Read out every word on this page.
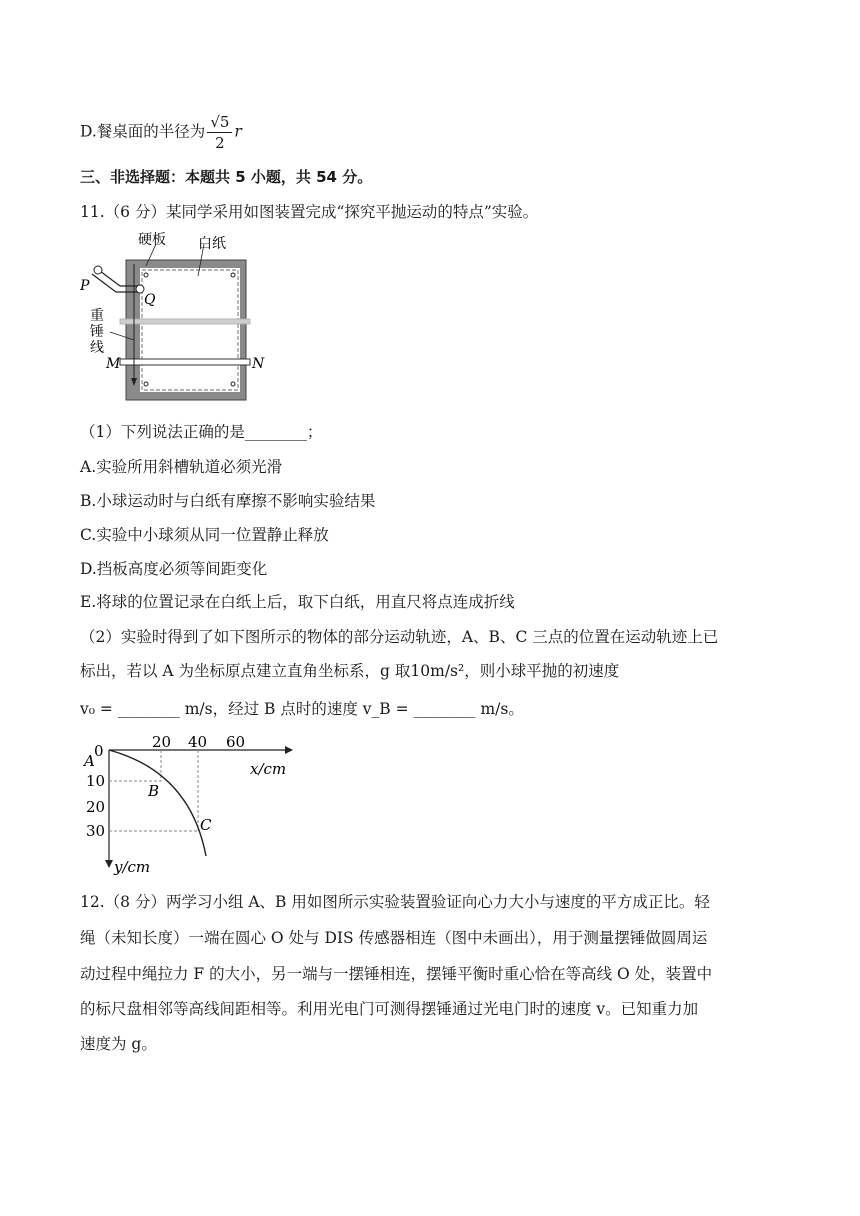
D.餐桌面的半径为 $\frac{√5}{2}$ r
三、非选择题：本题共 5 小题，共 54 分。
11.（6 分）某同学采用如图装置完成“探究平抛运动的特点”实验。
硬板 白纸
P
Q
重
锤
线
M	N
（1）下列说法正确的是________；
A.实验所用斜槽轨道必须光滑
B.小球运动时与白纸有摩擦不影响实验结果
C.实验中小球须从同一位置静止释放
D.挡板高度必须等间距变化
E.将球的位置记录在白纸上后，取下白纸，用直尺将点连成折线
（2）实验时得到了如下图所示的物体的部分运动轨迹，A、B、C 三点的位置在运动轨迹上已
标出，若以 A 为坐标原点建立直角坐标系，g 取10m/s²，则小球平抛的初速度
v₀ = ________ m/s，经过 B 点时的速度 v_B = ________ m/s。
0	20 40 60
10
20
30
x/cm
y/cm
A
B
C
12.（8 分）两学习小组 A、B 用如图所示实验装置验证向心力大小与速度的平方成正比。轻
绳（未知长度）一端在圆心 O 处与 DIS 传感器相连（图中未画出），用于测量摆锤做圆周运
动过程中绳拉力 F 的大小，另一端与一摆锤相连，摆锤平衡时重心恰在等高线 O 处，装置中
的标尺盘相邻等高线间距相等。利用光电门可测得摆锤通过光电门时的速度 v。已知重力加
速度为 g。
